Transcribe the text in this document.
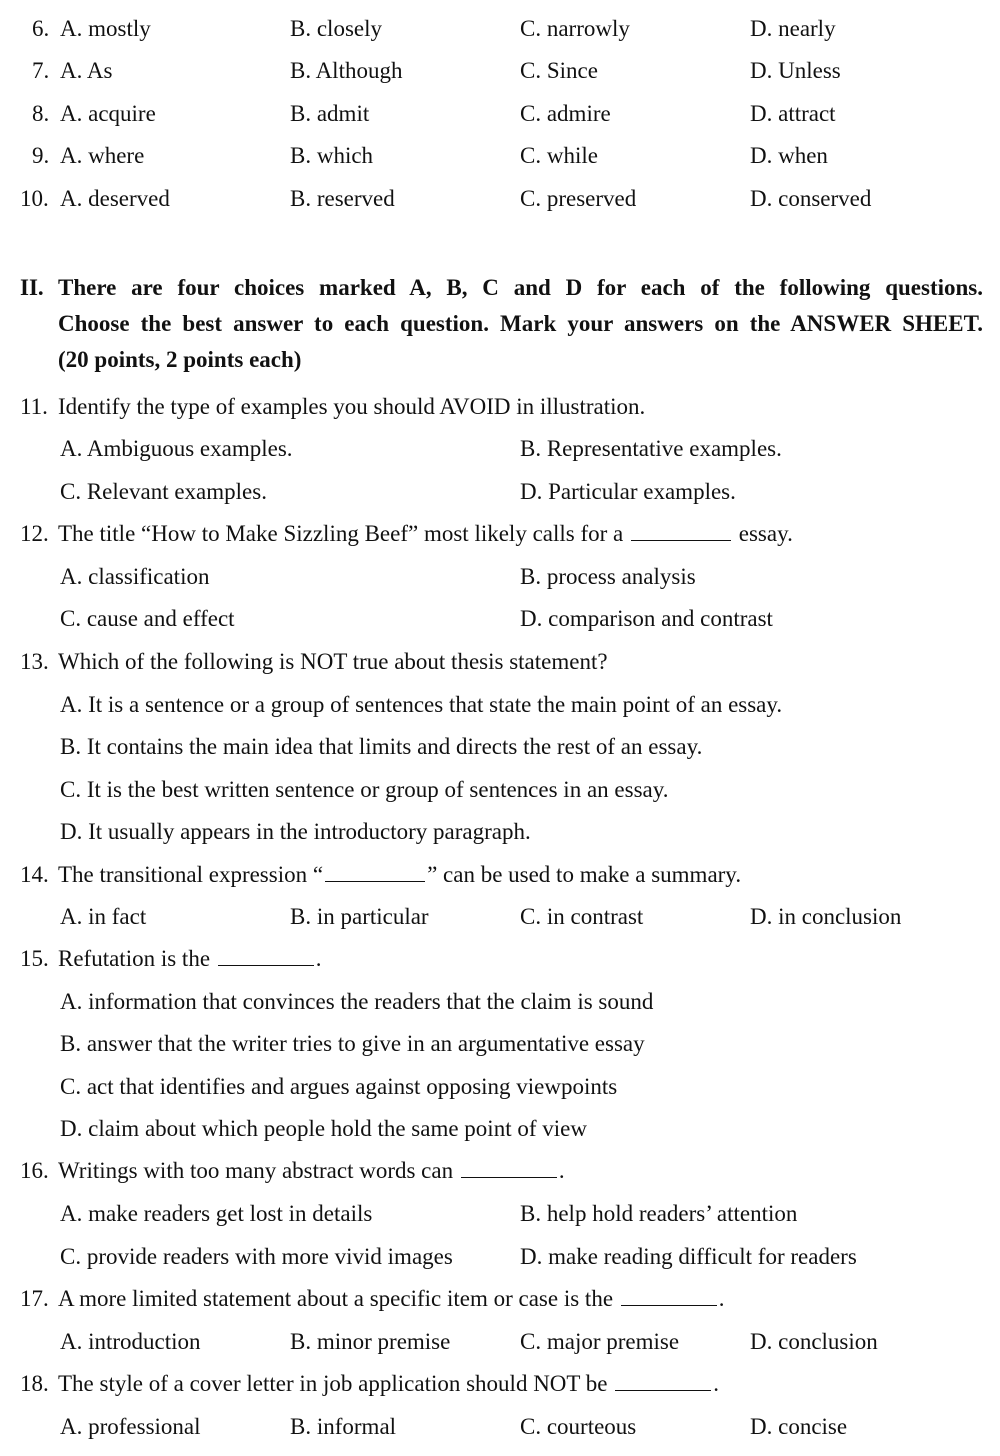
6. A. mostly	B. closely	C. narrowly	D. nearly
7. A. As	B. Although	C. Since	D. Unless
8. A. acquire	B. admit	C. admire	D. attract
9. A. where	B. which	C. while	D. when
10. A. deserved	B. reserved	C. preserved	D. conserved
II. There are four choices marked A, B, C and D for each of the following questions.
Choose the best answer to each question. Mark your answers on the ANSWER SHEET.
(20 points, 2 points each)
11. Identify the type of examples you should AVOID in illustration.
A. Ambiguous examples.	B. Representative examples.
C. Relevant examples.	D. Particular examples.
12. The title “How to Make Sizzling Beef” most likely calls for a	essay.
A. classification	B. process analysis
C. cause and effect	D. comparison and contrast
13. Which of the following is NOT true about thesis statement?
A. It is a sentence or a group of sentences that state the main point of an essay.
B. It contains the main idea that limits and directs the rest of an essay.
C. It is the best written sentence or group of sentences in an essay.
D. It usually appears in the introductory paragraph.
14. The transitional expression “	” can be used to make a summary.
A. in fact	B. in particular	C. in contrast	D. in conclusion
15. Refutation is the	.
A. information that convinces the readers that the claim is sound
B. answer that the writer tries to give in an argumentative essay
C. act that identifies and argues against opposing viewpoints
D. claim about which people hold the same point of view
16. Writings with too many abstract words can	.
A. make readers get lost in details	B. help hold readers’ attention
C. provide readers with more vivid images	D. make reading difficult for readers
17. A more limited statement about a specific item or case is the	.
A. introduction	B. minor premise	C. major premise	D. conclusion
18. The style of a cover letter in job application should NOT be	.
A. professional	B. informal	C. courteous	D. concise
